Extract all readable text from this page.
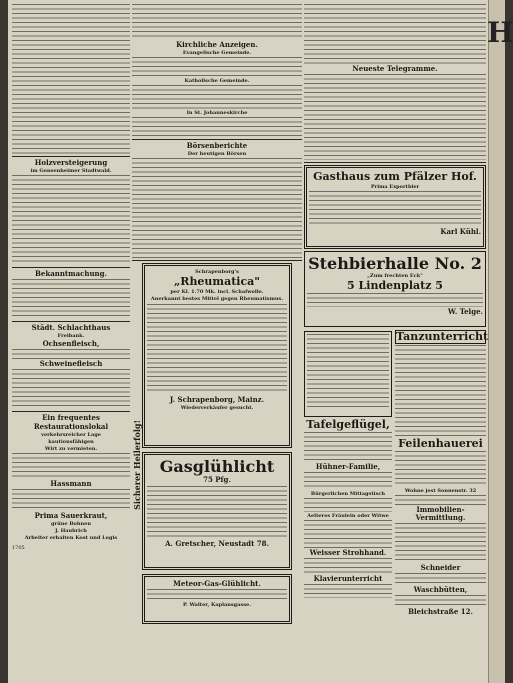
Holzversteigerung
im Gonsenheimer Stadtwald.
Bekanntmachung.
Städt. Schlachthaus
Freibank.
Ochsenfleisch,
Schweinefleisch
Ein frequentes
Restaurationslokal
verkehrsreicher Lage
kautionsfähigen
Wirt zu vermieten.
Hassmann
Prima Sauerkraut,
grüne Bohnen
J. Haubrich
Arbeiter erhalten Kost und Logis
1705
Kirchliche Anzeigen.
Evangelische Gemeinde.
Katholische Gemeinde.
In St. Johanneskirche
Börsenberichte
Der heutigen Börsen
Schrapenborg's
„Rheumatica"
per Kl. 1.70 Mk. incl. Schafwolle.
Anerkannt bestes Mittel gegen Rheumatismus.
J. Schrapenborg, Mainz.
Wiederverkäufer gesucht.
Sicherer Heilerfolg!	Gasglühlicht
75 Pfg.
A. Gretscher, Neustadt 78.
Meteor-Gas-Glühlicht.
P. Walter, Kaplansgasse.
Neueste Telegramme.
Gasthaus zum Pfälzer Hof.
Prima Exportbier
Karl Kühl.
Stehbierhalle No. 2
„Zum frechten Eck"
5 Lindenplatz 5
W. Telge.
Tafelgeflügel,
Hühner-Familie,
Bürgerlichen Mittagstisch
Aelteres Fräulein oder Witwe
Weisser Strohhand.
Klavierunterricht
Tanzunterricht
Feilenhauerei
Wohne jest Sonnenstr. 32
Immobilien-Vermittlung.
Schneider
Waschbütten,
Bleichstraße 12.
H
